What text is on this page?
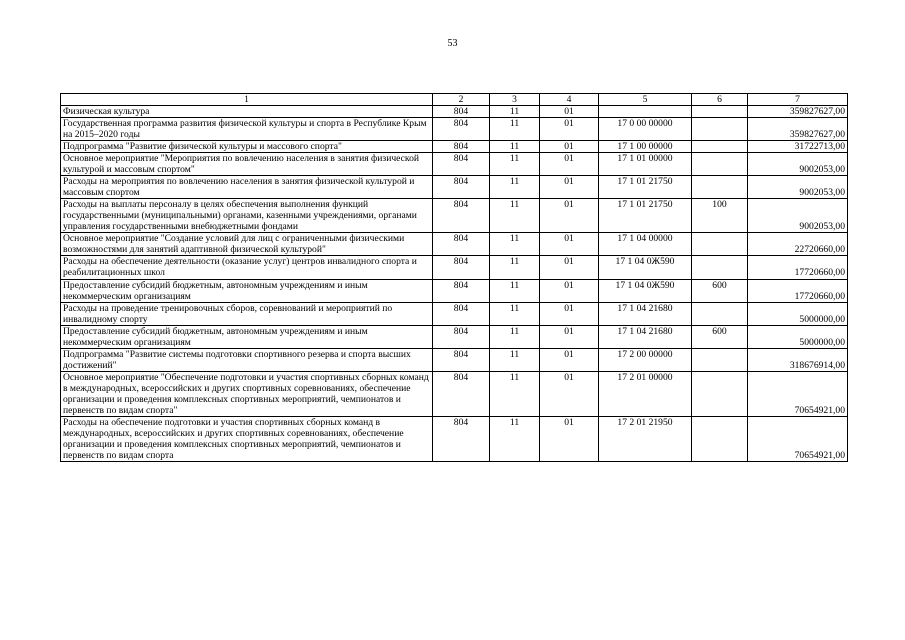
53
1	2	3	4	5	6	7
Физическая культура	804	11	01			359827627,00
Государственная программа развития физической культуры и спорта в Республике Крым на 2015–2020 годы	804	11	01	17 0 00 00000		359827627,00
Подпрограмма "Развитие физической культуры и массового спорта"	804	11	01	17 1 00 00000		31722713,00
Основное мероприятие "Мероприятия по вовлечению населения в занятия физической культурой и массовым спортом"	804	11	01	17 1 01 00000		9002053,00
Расходы на мероприятия по вовлечению населения в занятия физической культурой и массовым спортом	804	11	01	17 1 01 21750		9002053,00
Расходы на выплаты персоналу в целях обеспечения выполнения функций государственными (муниципальными) органами, казенными учреждениями, органами управления государственными внебюджетными фондами	804	11	01	17 1 01 21750	100	9002053,00
Основное мероприятие "Создание условий для лиц с ограниченными физическими возможностями для занятий адаптивной физической культурой"	804	11	01	17 1 04 00000		22720660,00
Расходы на обеспечение деятельности (оказание услуг) центров инвалидного спорта и реабилитационных школ	804	11	01	17 1 04 0Ж590		17720660,00
Предоставление субсидий бюджетным, автономным учреждениям и иным некоммерческим организациям	804	11	01	17 1 04 0Ж590	600	17720660,00
Расходы на проведение тренировочных сборов, соревнований и мероприятий по инвалидному спорту	804	11	01	17 1 04 21680		5000000,00
Предоставление субсидий бюджетным, автономным учреждениям и иным некоммерческим организациям	804	11	01	17 1 04 21680	600	5000000,00
Подпрограмма "Развитие системы подготовки спортивного резерва и спорта высших достижений"	804	11	01	17 2 00 00000		318676914,00
Основное мероприятие "Обеспечение подготовки и участия спортивных сборных команд в международных, всероссийских и других спортивных соревнованиях, обеспечение организации и проведения комплексных спортивных мероприятий, чемпионатов и первенств по видам спорта"	804	11	01	17 2 01 00000		70654921,00
Расходы на обеспечение подготовки и участия спортивных сборных команд в международных, всероссийских и других спортивных соревнованиях, обеспечение организации и проведения комплексных спортивных мероприятий, чемпионатов и первенств по видам спорта	804	11	01	17 2 01 21950		70654921,00
